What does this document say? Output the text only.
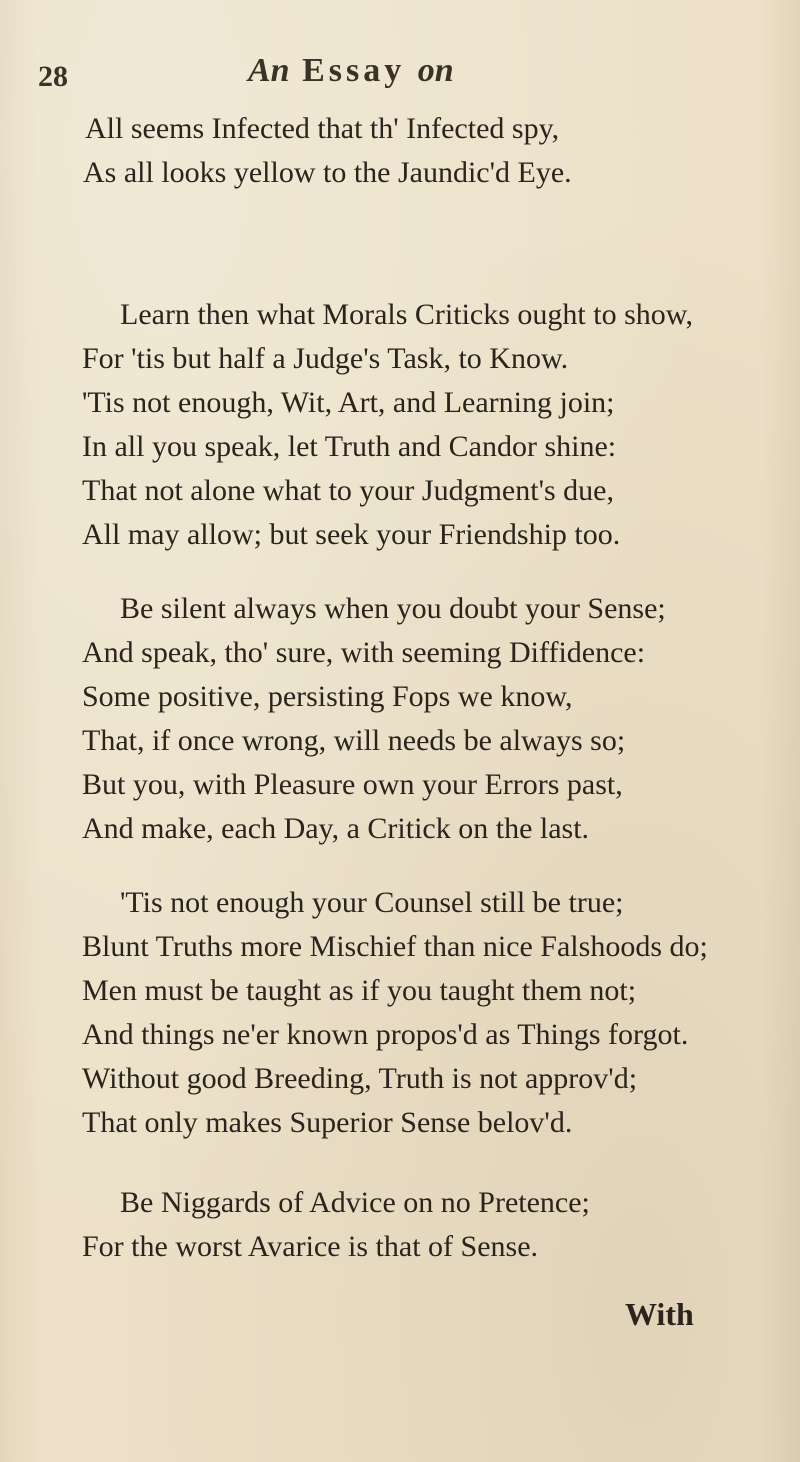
28	An Essay on
All seems Infected that th' Infected spy,
As all looks yellow to the Jaundic'd Eye.
Learn then what Morals Criticks ought to show,
For 'tis but half a Judge's Task, to Know.
'Tis not enough, Wit, Art, and Learning join;
In all you speak, let Truth and Candor shine:
That not alone what to your Judgment's due,
All may allow; but seek your Friendship too.
Be silent always when you doubt your Sense;
And speak, tho' sure, with seeming Diffidence:
Some positive, persisting Fops we know,
That, if once wrong, will needs be always so;
But you, with Pleasure own your Errors past,
And make, each Day, a Critick on the last.
'Tis not enough your Counsel still be true;
Blunt Truths more Mischief than nice Falshoods do;
Men must be taught as if you taught them not;
And things ne'er known propos'd as Things forgot.
Without good Breeding, Truth is not approv'd;
That only makes Superior Sense belov'd.
Be Niggards of Advice on no Pretence;
For the worst Avarice is that of Sense.
With
